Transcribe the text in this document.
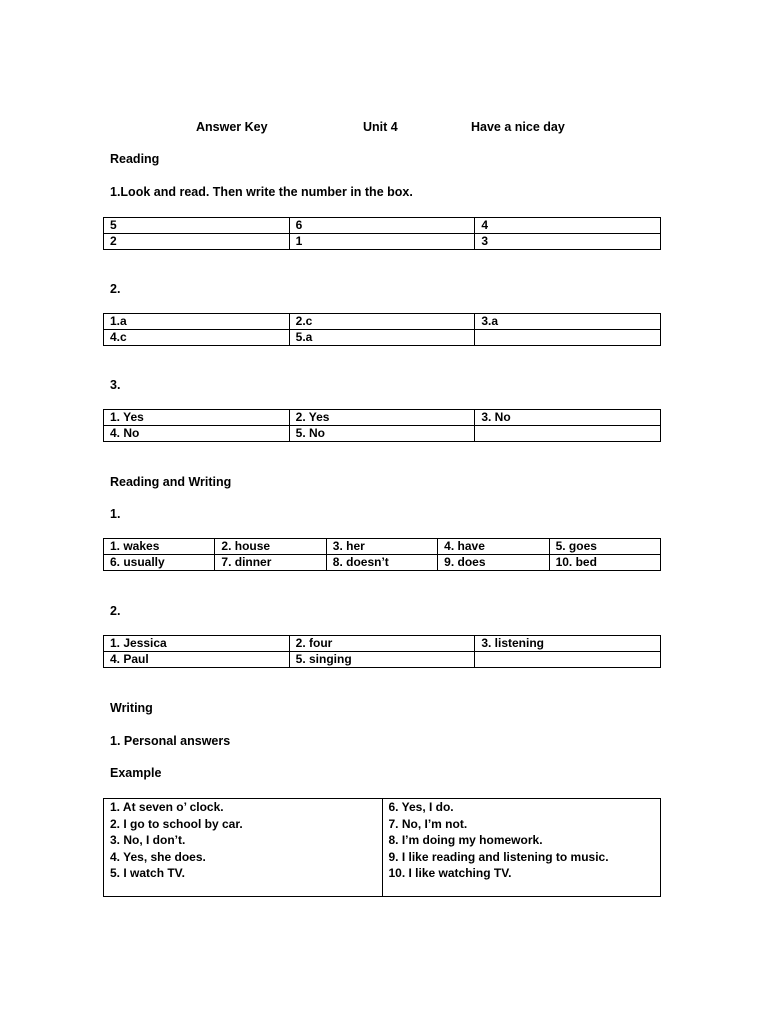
Answer Key	Unit 4	Have a nice day
Reading
1.Look and read. Then write the number in the box.
5	6	4
2	1	3
2.
1.a	2.c	3.a
4.c	5.a	
3.
1. Yes	2. Yes	3. No
4. No	5. No	
Reading and Writing
1.
1. wakes	2. house	3. her	4. have	5. goes
6. usually	7. dinner	8. doesn’t	9. does	10. bed
2.
1. Jessica	2. four	3. listening
4. Paul	5. singing	
Writing
1. Personal answers
Example
1. At seven o’ clock.
2. I go to school by car.
3. No, I don’t.
4. Yes, she does.
5. I watch TV.

6. Yes, I do.
7. No, I’m not.
8. I’m doing my homework.
9. I like reading and listening to music.
10. I like watching TV.
